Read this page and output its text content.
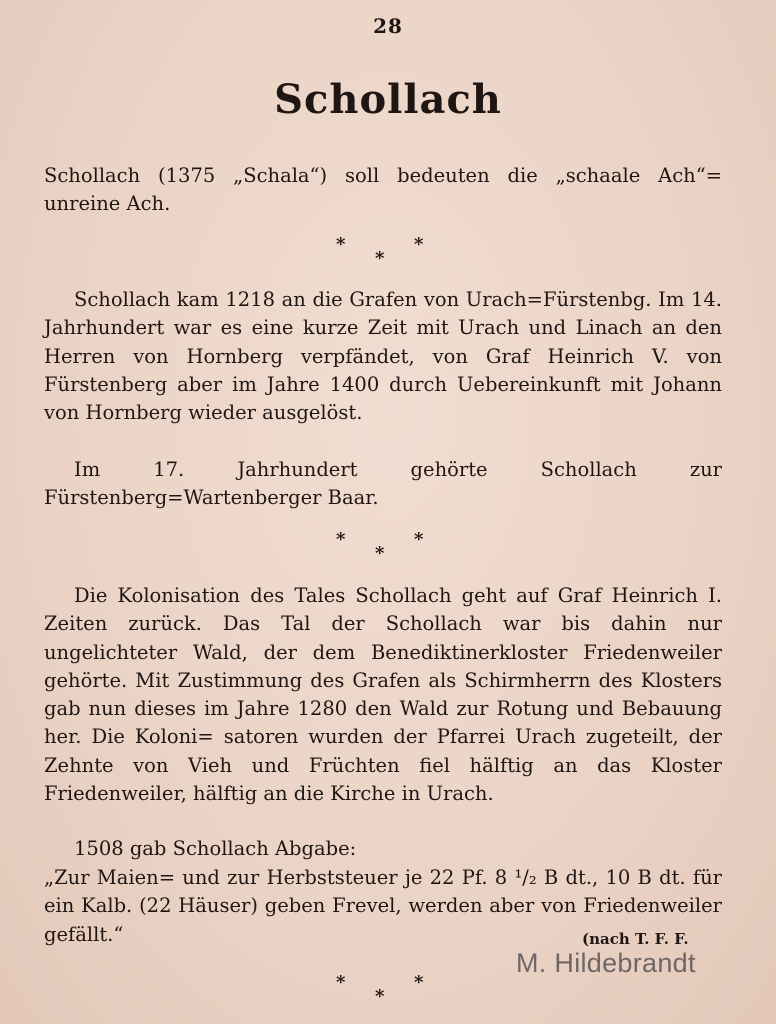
28
Schollach

Schollach (1375 „Schala“) soll bedeuten die „schaale Ach“= unreine Ach.

*	*
*

Schollach kam 1218 an die Grafen von Urach=Fürstenbg. Im 14. Jahrhundert war es eine kurze Zeit mit Urach und Linach an den Herren von Hornberg verpfändet, von Graf Heinrich V. von Fürstenberg aber im Jahre 1400 durch Uebereinkunft mit Johann von Hornberg wieder ausgelöst.

Im 17. Jahrhundert gehörte Schollach zur Fürstenberg=Wartenberger Baar.

*	*
*

Die Kolonisation des Tales Schollach geht auf Graf Heinrich I. Zeiten zurück. Das Tal der Schollach war bis dahin nur ungelichteter Wald, der dem Benediktinerkloster Friedenweiler gehörte. Mit Zustimmung des Grafen als Schirmherrn des Klosters gab nun dieses im Jahre 1280 den Wald zur Rotung und Bebauung her. Die Koloni= satoren wurden der Pfarrei Urach zugeteilt, der Zehnte von Vieh und Früchten fiel hälftig an das Kloster Friedenweiler, hälftig an die Kirche in Urach.

1508 gab Schollach Abgabe:

„Zur Maien= und zur Herbststeuer je 22 Pf. 8 ¹/₂ B dt., 10 B dt. für ein Kalb. (22 Häuser) geben Frevel, werden aber von Friedenweiler gefällt.“	(nach T. F. F.
M. Hildebrandt
*	*
*
